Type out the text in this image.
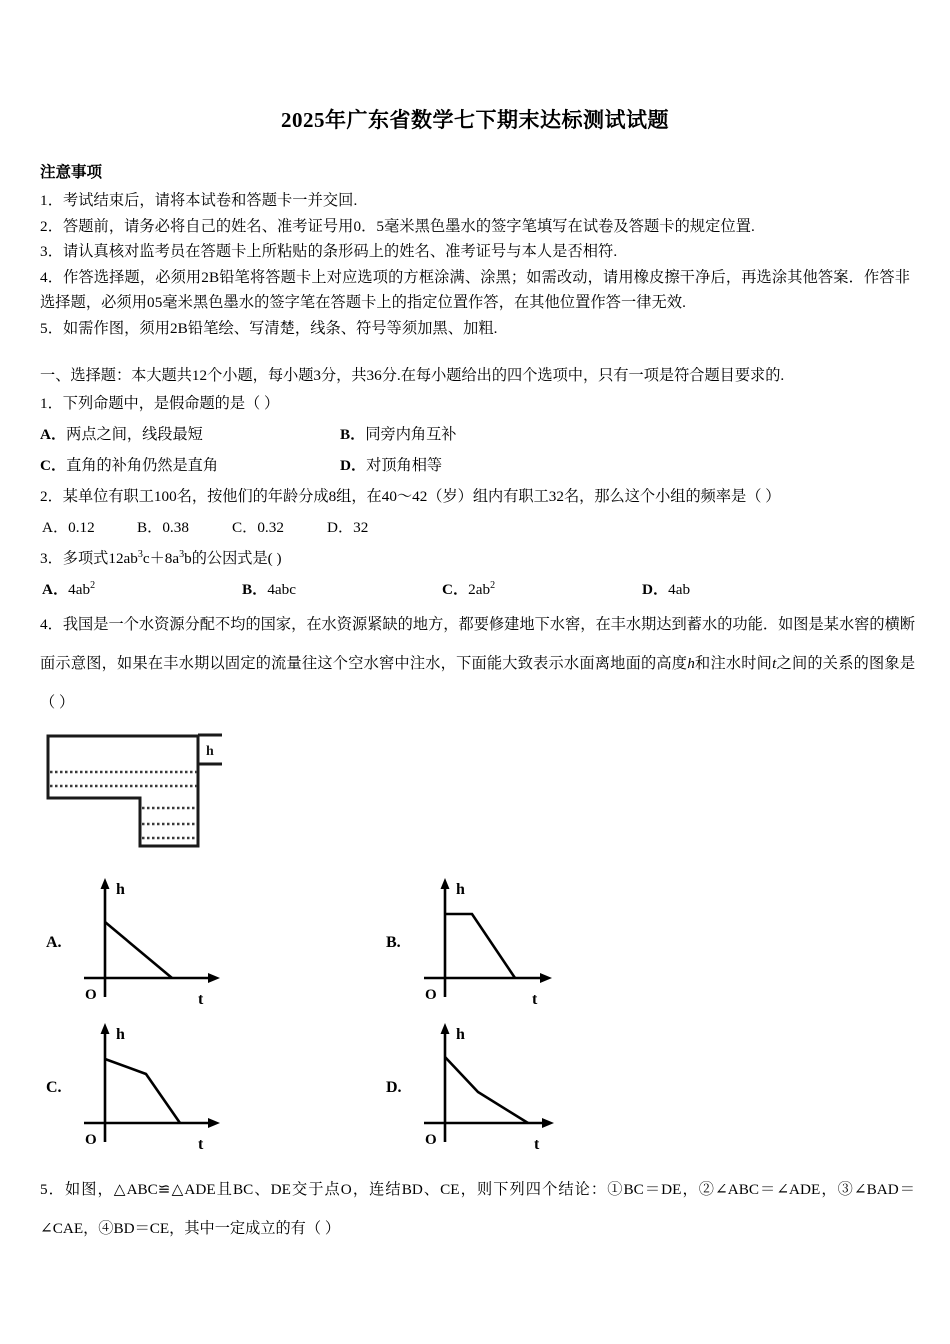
2025年广东省数学七下期末达标测试试题
注意事项
1．考试结束后，请将本试卷和答题卡一并交回.
2．答题前，请务必将自己的姓名、准考证号用0．5毫米黑色墨水的签字笔填写在试卷及答题卡的规定位置.
3．请认真核对监考员在答题卡上所粘贴的条形码上的姓名、准考证号与本人是否相符.
4．作答选择题，必须用2B铅笔将答题卡上对应选项的方框涂满、涂黑；如需改动，请用橡皮擦干净后，再选涂其他答案．作答非选择题，必须用05毫米黑色墨水的签字笔在答题卡上的指定位置作答，在其他位置作答一律无效.
5．如需作图，须用2B铅笔绘、写清楚，线条、符号等须加黑、加粗.
一、选择题：本大题共12个小题，每小题3分，共36分.在每小题给出的四个选项中，只有一项是符合题目要求的.
1．下列命题中，是假命题的是（ ）
A．两点之间，线段最短	B．同旁内角互补
C．直角的补角仍然是直角	D．对顶角相等
2．某单位有职工100名，按他们的年龄分成8组，在40～42（岁）组内有职工32名，那么这个小组的频率是（ ）
A．0.12	B．0.38	C．0.32	D．32
3．多项式$12ab^3c+8a^3b$的公因式是( )
A．$4ab^2$	B．4abc	C．$2ab^2$	D．4ab
4．我国是一个水资源分配不均的国家，在水资源紧缺的地方，都要修建地下水窖，在丰水期达到蓄水的功能．如图是某水窖的横断面示意图，如果在丰水期以固定的流量往这个空水窖中注水，下面能大致表示水面离地面的高度h和注水时间t之间的关系的图象是（ ）
h
A.
h
O	t
B.
h
O	t
C.
h
O	t
D.
h
O	t
5．如图，△ABC≌△ADE且BC、DE交于点O，连结BD、CE，则下列四个结论：①BC＝DE，②∠ABC＝∠ADE，③∠BAD＝∠CAE，④BD＝CE，其中一定成立的有（ ）
